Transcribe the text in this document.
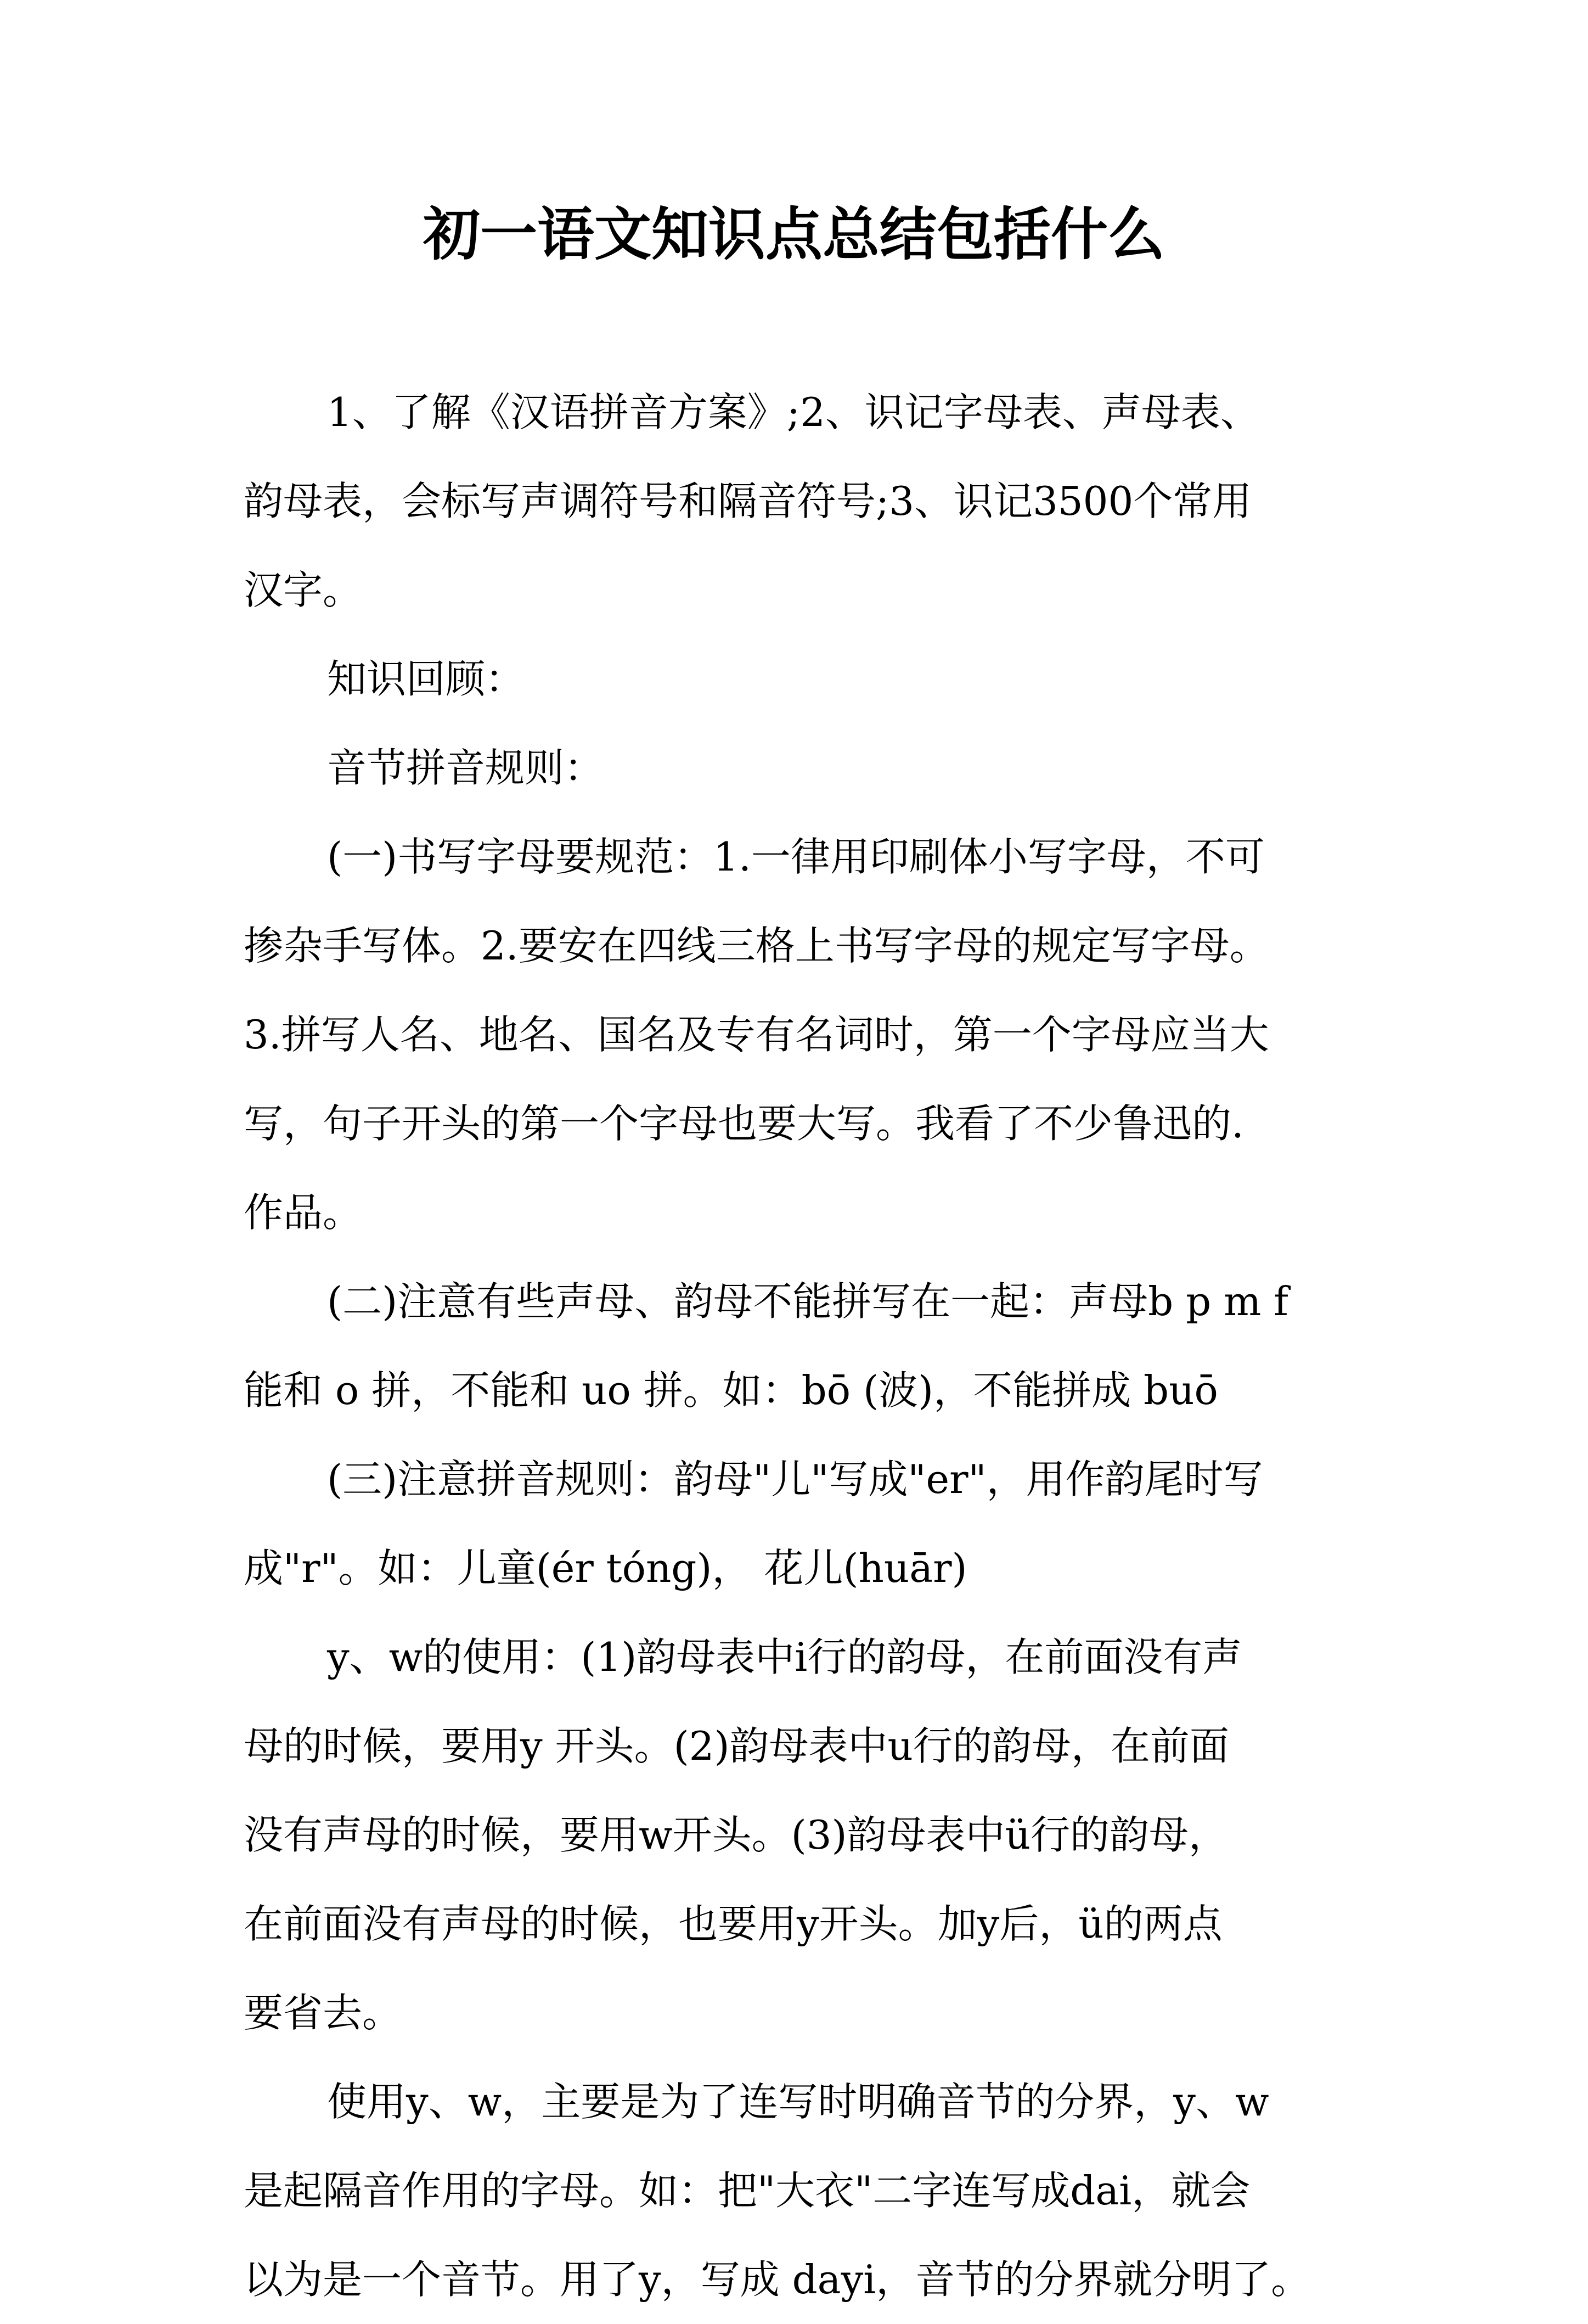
初一语文知识点总结包括什么

1、了解《汉语拼音方案》;2、识记字母表、声母表、
韵母表，会标写声调符号和隔音符号;3、识记3500个常用
汉字。

知识回顾：

音节拼音规则：

(一)书写字母要规范：1.一律用印刷体小写字母，不可
掺杂手写体。2.要安在四线三格上书写字母的规定写字母。
3.拼写人名、地名、国名及专有名词时，第一个字母应当大
写，句子开头的第一个字母也要大写。我看了不少鲁迅的.
作品。

(二)注意有些声母、韵母不能拼写在一起：声母b p m f
能和 o 拼，不能和 uo 拼。如：bō (波)，不能拼成 buō

(三)注意拼音规则：韵母"儿"写成"er"，用作韵尾时写
成"r"。如：儿童(ér tóng)， 花儿(huār)

y、w的使用：(1)韵母表中i行的韵母，在前面没有声
母的时候，要用y 开头。(2)韵母表中u行的韵母，在前面
没有声母的时候，要用w开头。(3)韵母表中ü行的韵母，
在前面没有声母的时候，也要用y开头。加y后，ü的两点
要省去。

使用y、w，主要是为了连写时明确音节的分界，y、w
是起隔音作用的字母。如：把"大衣"二字连写成dai，就会
以为是一个音节。用了y，写成 dayi，音节的分界就分明了。
